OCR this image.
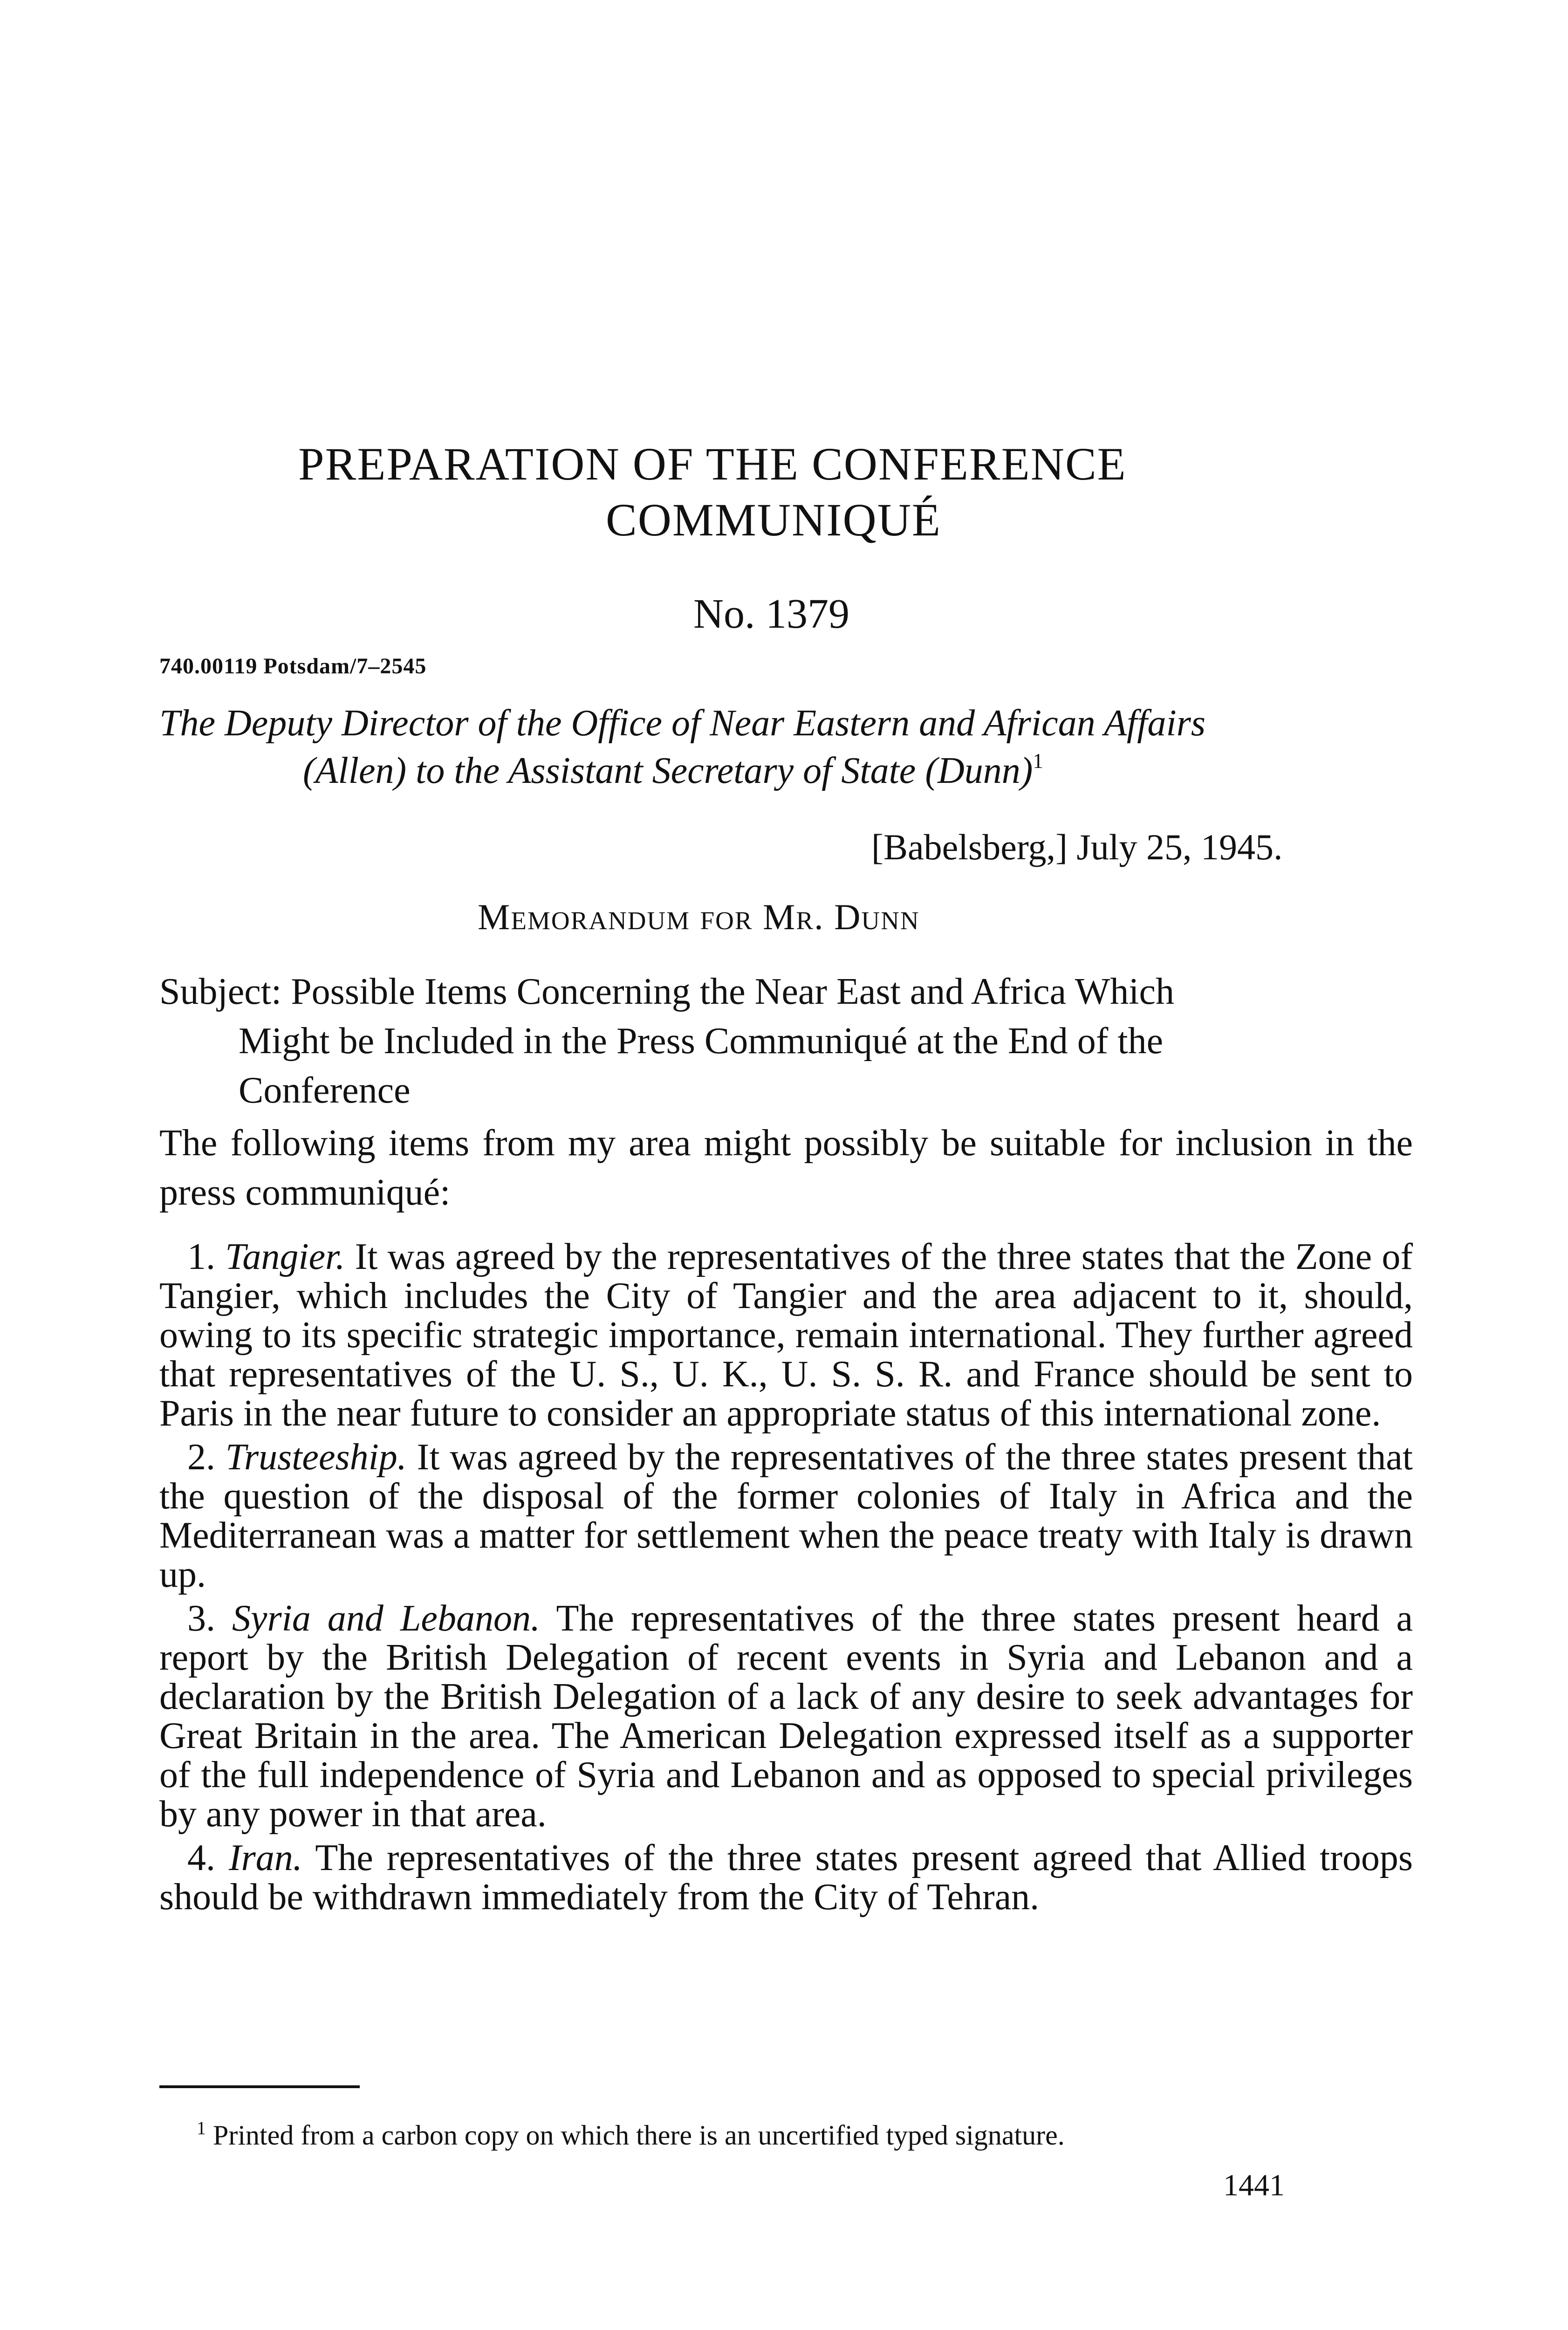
PREPARATION OF THE CONFERENCE
COMMUNIQUÉ
No. 1379
740.00119 Potsdam/7–2545
The Deputy Director of the Office of Near Eastern and African Affairs
(Allen) to the Assistant Secretary of State (Dunn)$^1$
[Babelsberg,] July 25, 1945.
Memorandum for Mr. Dunn
Subject: Possible Items Concerning the Near East and Africa Which
Might be Included in the Press Communiqué at the End of the
Conference
The following items from my area might possibly be suitable for inclusion in the press communiqué:

1. Tangier. It was agreed by the representatives of the three states that the Zone of Tangier, which includes the City of Tangier and the area adjacent to it, should, owing to its specific strategic importance, remain international. They further agreed that representatives of the U. S., U. K., U. S. S. R. and France should be sent to Paris in the near future to consider an appropriate status of this international zone.

2. Trusteeship. It was agreed by the representatives of the three states present that the question of the disposal of the former colonies of Italy in Africa and the Mediterranean was a matter for settlement when the peace treaty with Italy is drawn up.

3. Syria and Lebanon. The representatives of the three states present heard a report by the British Delegation of recent events in Syria and Lebanon and a declaration by the British Delegation of a lack of any desire to seek advantages for Great Britain in the area. The American Delegation expressed itself as a supporter of the full independence of Syria and Lebanon and as opposed to special privileges by any power in that area.

4. Iran. The representatives of the three states present agreed that Allied troops should be withdrawn immediately from the City of Tehran.

$^1$ Printed from a carbon copy on which there is an uncertified typed signature.
1441
